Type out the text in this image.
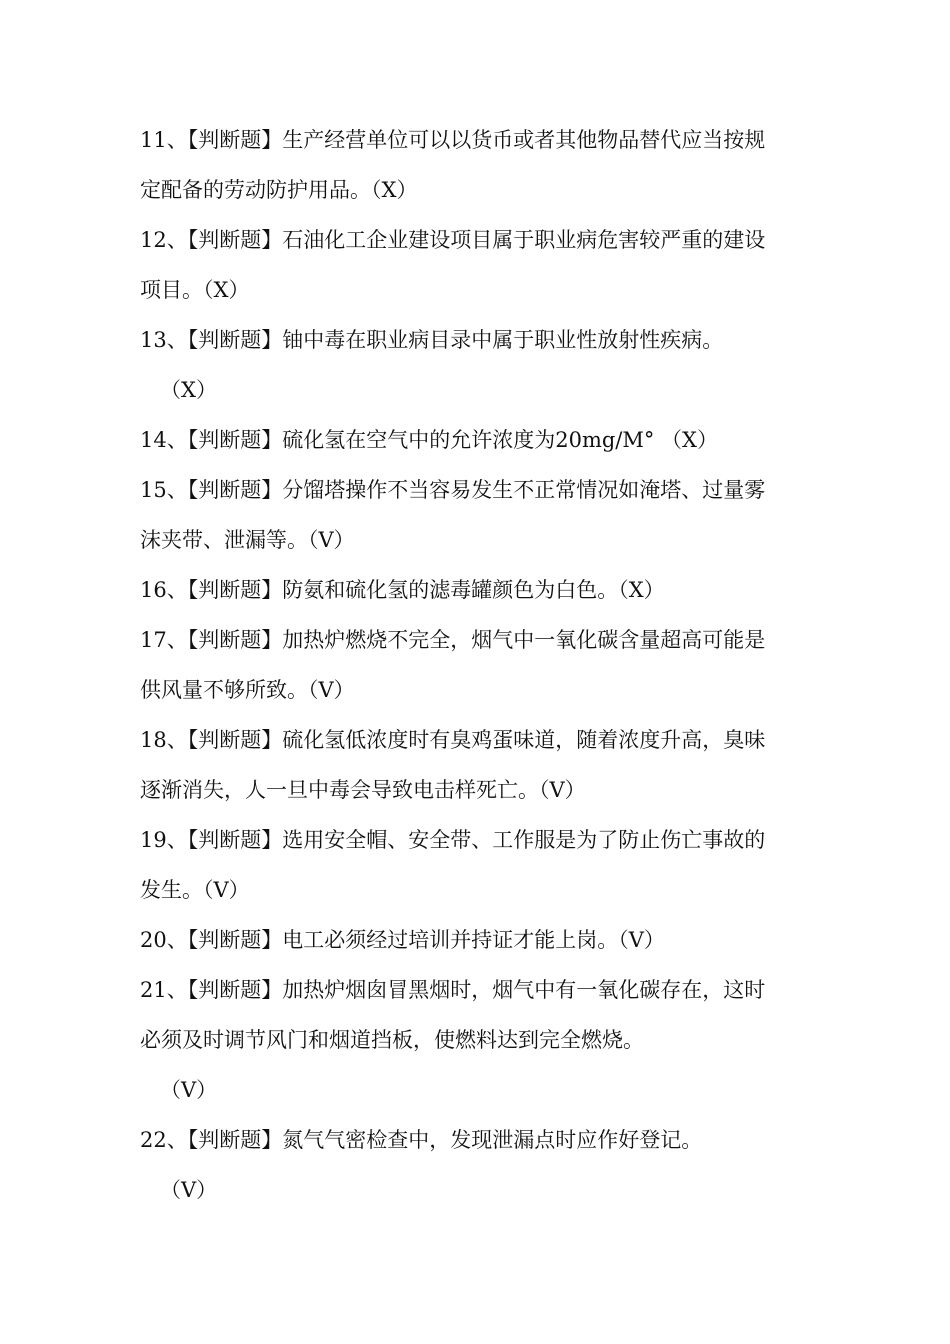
11、【判断题】生产经营单位可以以货币或者其他物品替代应当按规
定配备的劳动防护用品。（X）
12、【判断题】石油化工企业建设项目属于职业病危害较严重的建设
项目。（X）
13、【判断题】铀中毒在职业病目录中属于职业性放射性疾病。
（X）
14、【判断题】硫化氢在空气中的允许浓度为20mg/M° （X）
15、【判断题】分馏塔操作不当容易发生不正常情况如淹塔、过量雾
沫夹带、泄漏等。（V）
16、【判断题】防氨和硫化氢的滤毒罐颜色为白色。（X）
17、【判断题】加热炉燃烧不完全，烟气中一氧化碳含量超高可能是
供风量不够所致。（V）
18、【判断题】硫化氢低浓度时有臭鸡蛋味道，随着浓度升高，臭味
逐渐消失，人一旦中毒会导致电击样死亡。（V）
19、【判断题】选用安全帽、安全带、工作服是为了防止伤亡事故的
发生。（V）
20、【判断题】电工必须经过培训并持证才能上岗。（V）
21、【判断题】加热炉烟囱冒黑烟时，烟气中有一氧化碳存在，这时
必须及时调节风门和烟道挡板，使燃料达到完全燃烧。
（V）
22、【判断题】氮气气密检查中，发现泄漏点时应作好登记。
（V）
